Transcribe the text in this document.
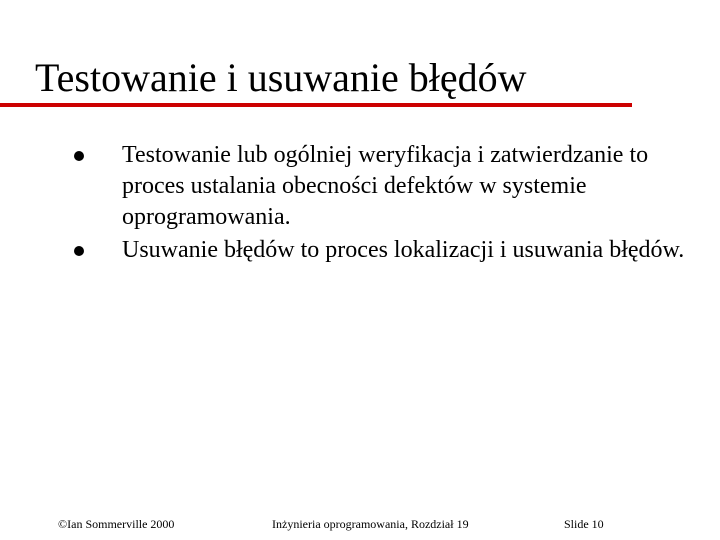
Testowanie i usuwanie błędów
Testowanie lub ogólniej weryfikacja i zatwierdzanie to proces ustalania obecności defektów w systemie oprogramowania.
Usuwanie błędów to proces lokalizacji i usuwania błędów.
©Ian Sommerville 2000	Inżynieria oprogramowania, Rozdział 19	Slide 10
